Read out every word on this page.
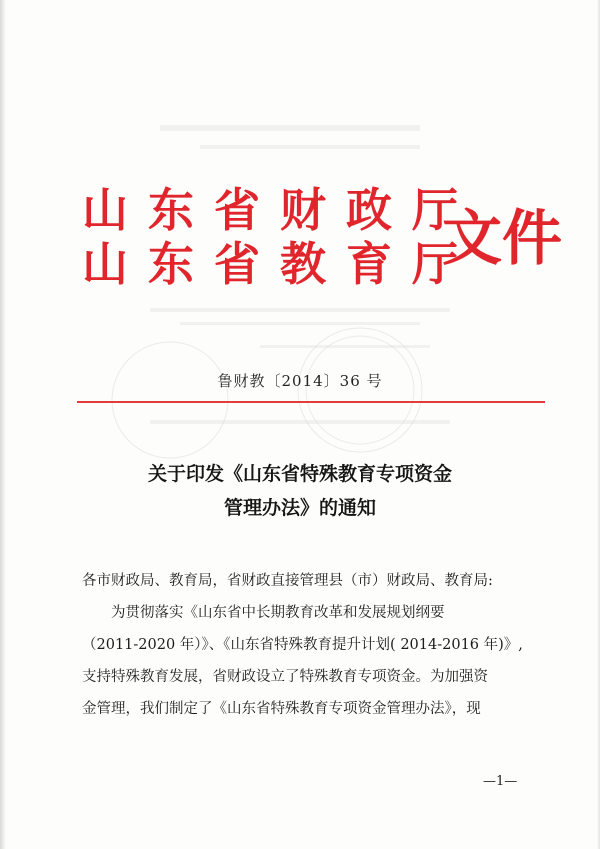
山东省财政厅
山东省教育厅
文件
鲁财教〔2014〕36 号
关于印发《山东省特殊教育专项资金
管理办法》的通知
各市财政局、教育局，省财政直接管理县（市）财政局、教育局:
为贯彻落实《山东省中长期教育改革和发展规划纲要
（2011-2020 年）》、《山东省特殊教育提升计划( 2014-2016 年)》,
支持特殊教育发展，省财政设立了特殊教育专项资金。为加强资
金管理，我们制定了《山东省特殊教育专项资金管理办法》，现
—1—
